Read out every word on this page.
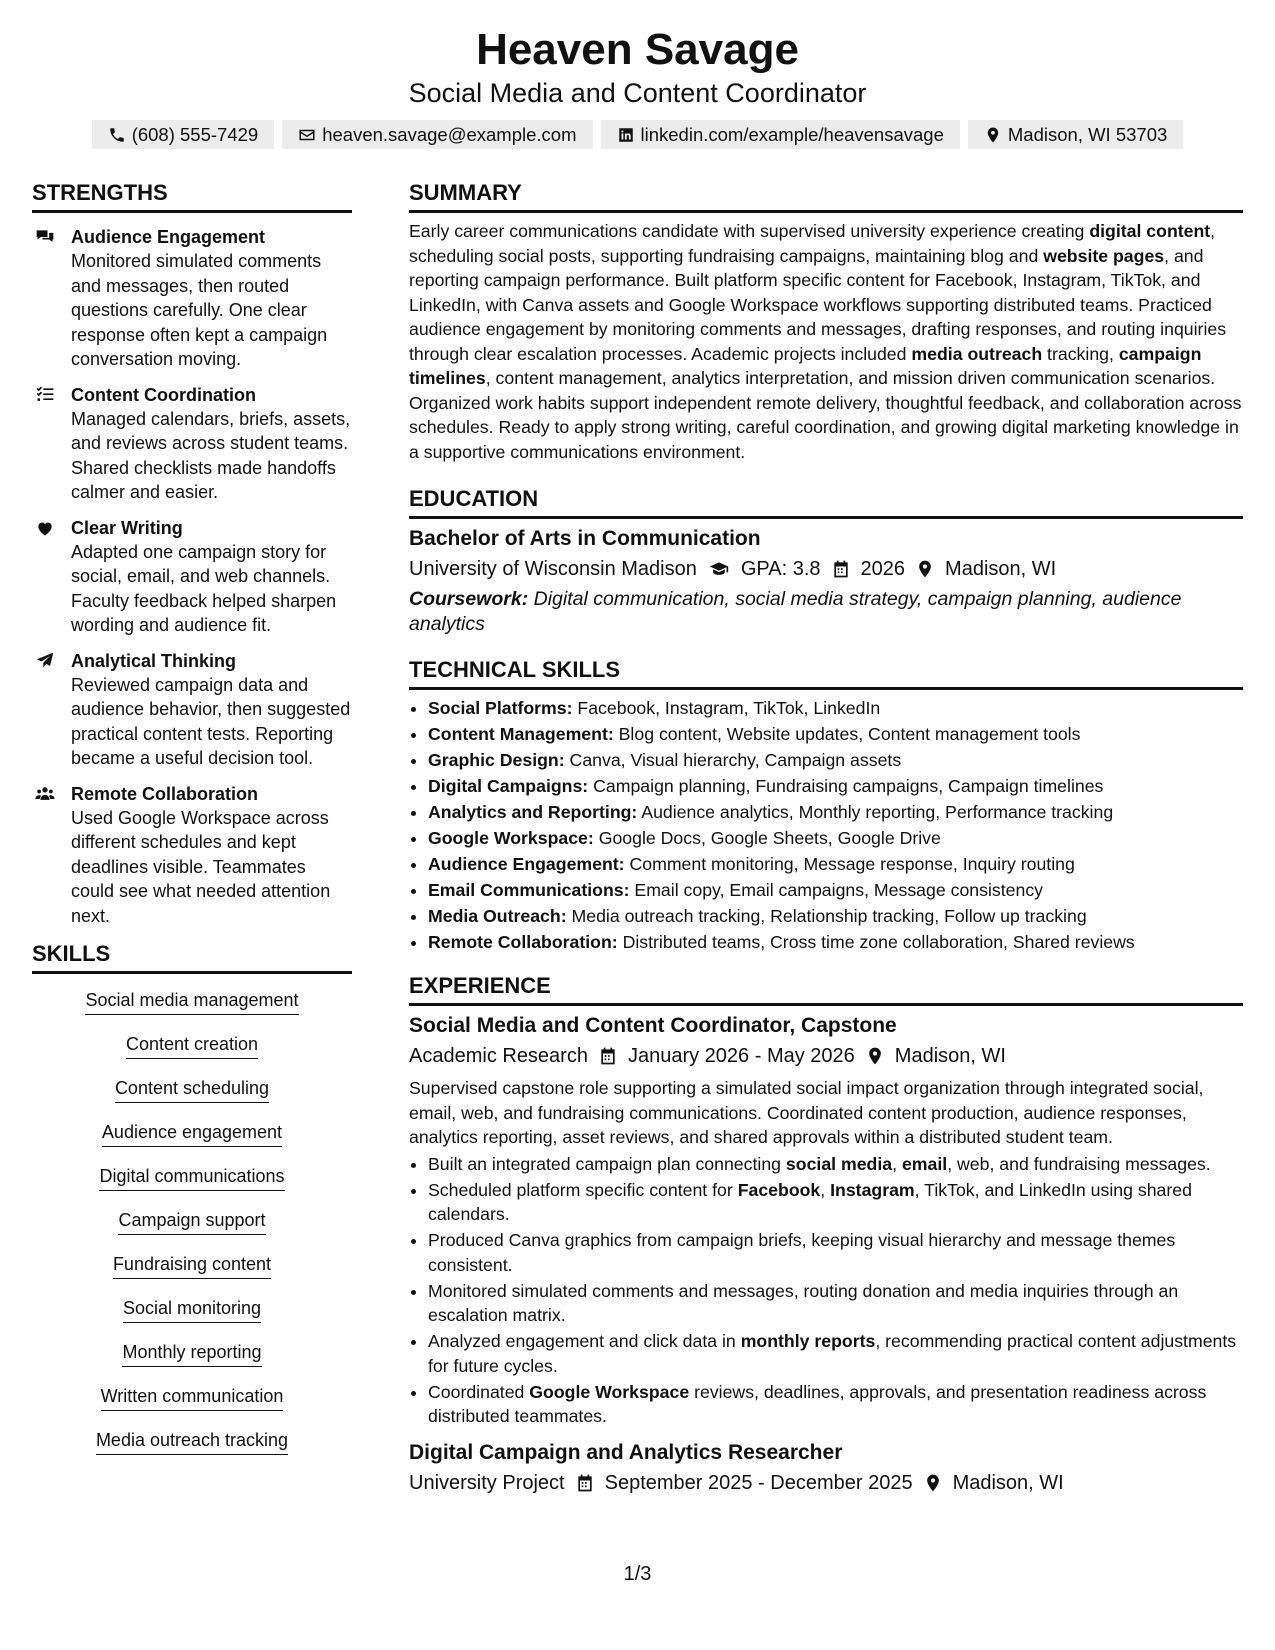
Heaven Savage
Social Media and Content Coordinator
(608) 555-7429	heaven.savage@example.com	linkedin.com/example/heavensavage	Madison, WI 53703
STRENGTHS
Audience Engagement
Monitored simulated comments and messages, then routed questions carefully. One clear response often kept a campaign conversation moving.
Content Coordination
Managed calendars, briefs, assets, and reviews across student teams. Shared checklists made handoffs calmer and easier.
Clear Writing
Adapted one campaign story for social, email, and web channels. Faculty feedback helped sharpen wording and audience fit.
Analytical Thinking
Reviewed campaign data and audience behavior, then suggested practical content tests. Reporting became a useful decision tool.
Remote Collaboration
Used Google Workspace across different schedules and kept deadlines visible. Teammates could see what needed attention next.
SKILLS
Social media management
Content creation
Content scheduling
Audience engagement
Digital communications
Campaign support
Fundraising content
Social monitoring
Monthly reporting
Written communication
Media outreach tracking
SUMMARY

Early career communications candidate with supervised university experience creating digital content, scheduling social posts, supporting fundraising campaigns, maintaining blog and website pages, and reporting campaign performance. Built platform specific content for Facebook, Instagram, TikTok, and LinkedIn, with Canva assets and Google Workspace workflows supporting distributed teams. Practiced audience engagement by monitoring comments and messages, drafting responses, and routing inquiries through clear escalation processes. Academic projects included media outreach tracking, campaign timelines, content management, analytics interpretation, and mission driven communication scenarios. Organized work habits support independent remote delivery, thoughtful feedback, and collaboration across schedules. Ready to apply strong writing, careful coordination, and growing digital marketing knowledge in a supportive communications environment.

EDUCATION
Bachelor of Arts in Communication
University of Wisconsin Madison GPA: 3.8 2026 Madison, WI
Coursework: Digital communication, social media strategy, campaign planning, audience analytics
TECHNICAL SKILLS
• Social Platforms: Facebook, Instagram, TikTok, LinkedIn
• Content Management: Blog content, Website updates, Content management tools
• Graphic Design: Canva, Visual hierarchy, Campaign assets
• Digital Campaigns: Campaign planning, Fundraising campaigns, Campaign timelines
• Analytics and Reporting: Audience analytics, Monthly reporting, Performance tracking
• Google Workspace: Google Docs, Google Sheets, Google Drive
• Audience Engagement: Comment monitoring, Message response, Inquiry routing
• Email Communications: Email copy, Email campaigns, Message consistency
• Media Outreach: Media outreach tracking, Relationship tracking, Follow up tracking
• Remote Collaboration: Distributed teams, Cross time zone collaboration, Shared reviews
EXPERIENCE
Social Media and Content Coordinator, Capstone
Academic Research January 2026 - May 2026 Madison, WI

Supervised capstone role supporting a simulated social impact organization through integrated social, email, web, and fundraising communications. Coordinated content production, audience responses, analytics reporting, asset reviews, and shared approvals within a distributed student team.

• Built an integrated campaign plan connecting social media, email, web, and fundraising messages.
• Scheduled platform specific content for Facebook, Instagram, TikTok, and LinkedIn using shared calendars.
• Produced Canva graphics from campaign briefs, keeping visual hierarchy and message themes consistent.
• Monitored simulated comments and messages, routing donation and media inquiries through an escalation matrix.
• Analyzed engagement and click data in monthly reports, recommending practical content adjustments for future cycles.
• Coordinated Google Workspace reviews, deadlines, approvals, and presentation readiness across distributed teammates.
Digital Campaign and Analytics Researcher
University Project September 2025 - December 2025 Madison, WI
1/3
